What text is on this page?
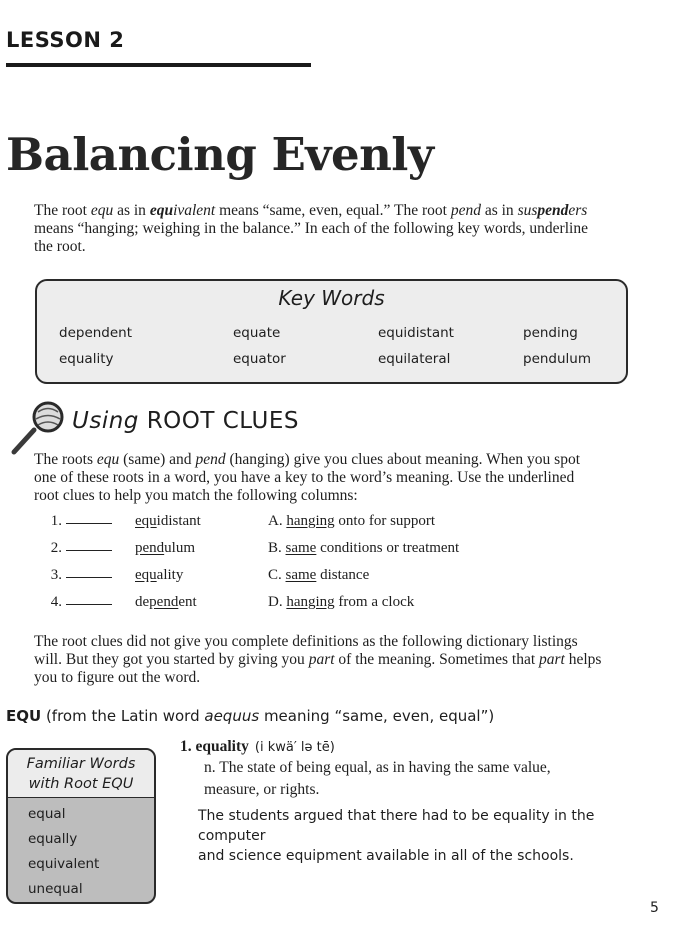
LESSON 2
Balancing Evenly
The root equ as in equivalent means “same, even, equal.” The root pend as in suspenders
means “hanging; weighing in the balance.” In each of the following key words, underline
the root.
Key Words
dependent	equate	equidistant	pending
equality	equator	equilateral	pendulum
Using ROOT CLUES
The roots equ (same) and pend (hanging) give you clues about meaning. When you spot
one of these roots in a word, you have a key to the word’s meaning. Use the underlined
root clues to help you match the following columns:
1.	equidistant	A. hanging onto for support
2.	pendulum	B. same conditions or treatment
3.	equality	C. same distance
4.	dependent	D. hanging from a clock
The root clues did not give you complete definitions as the following dictionary listings
will. But they got you started by giving you part of the meaning. Sometimes that part helps
you to figure out the word.
EQU (from the Latin word aequus meaning “same, even, equal”)
Familiar Words
with Root EQU
equal
equally
equivalent
unequal
1. equality (i kwä′ lə tē)
n. The state of being equal, as in having the same value,
measure, or rights.
The students argued that there had to be equality in the computer
and science equipment available in all of the schools.
5
